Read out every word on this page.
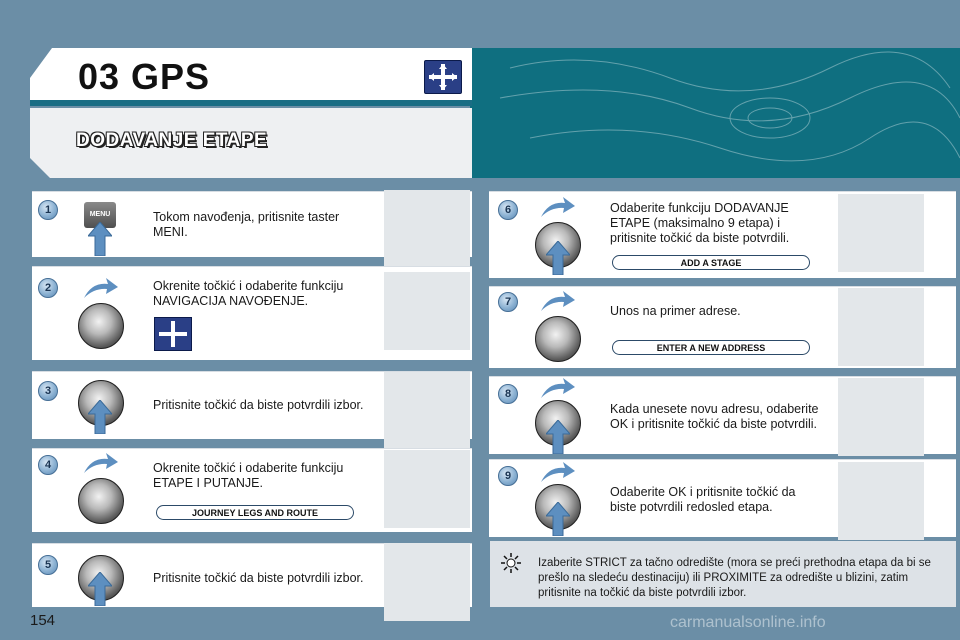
03 GPS
DODAVANJE ETAPE
1	MENU	Tokom navođenja, pritisnite taster MENI.
2	Okrenite točkić i odaberite funkciju NAVIGACIJA NAVOĐENJE.
3
Pritisnite točkić da biste potvrdili izbor.
4	Okrenite točkić i odaberite funkciju ETAPE I PUTANJE.
JOURNEY LEGS AND ROUTE
5
Pritisnite točkić da biste potvrdili izbor.
6	Odaberite funkciju DODAVANJE ETAPE (maksimalno 9 etapa) i pritisnite točkić da biste potvrdili.
ADD A STAGE
7
Unos na primer adrese.
ENTER A NEW ADDRESS
8
Kada unesete novu adresu, odaberite OK i pritisnite točkić da biste potvrdili.
9
Odaberite OK i pritisnite točkić da biste potvrdili redosled etapa.
Izaberite STRICT za tačno odredište (mora se preći prethodna etapa da bi se prešlo na sledeću destinaciju) ili PROXIMITE za odredište u blizini, zatim pritisnite na točkić da biste potvrdili izbor.
154	carmanualsonline.info
